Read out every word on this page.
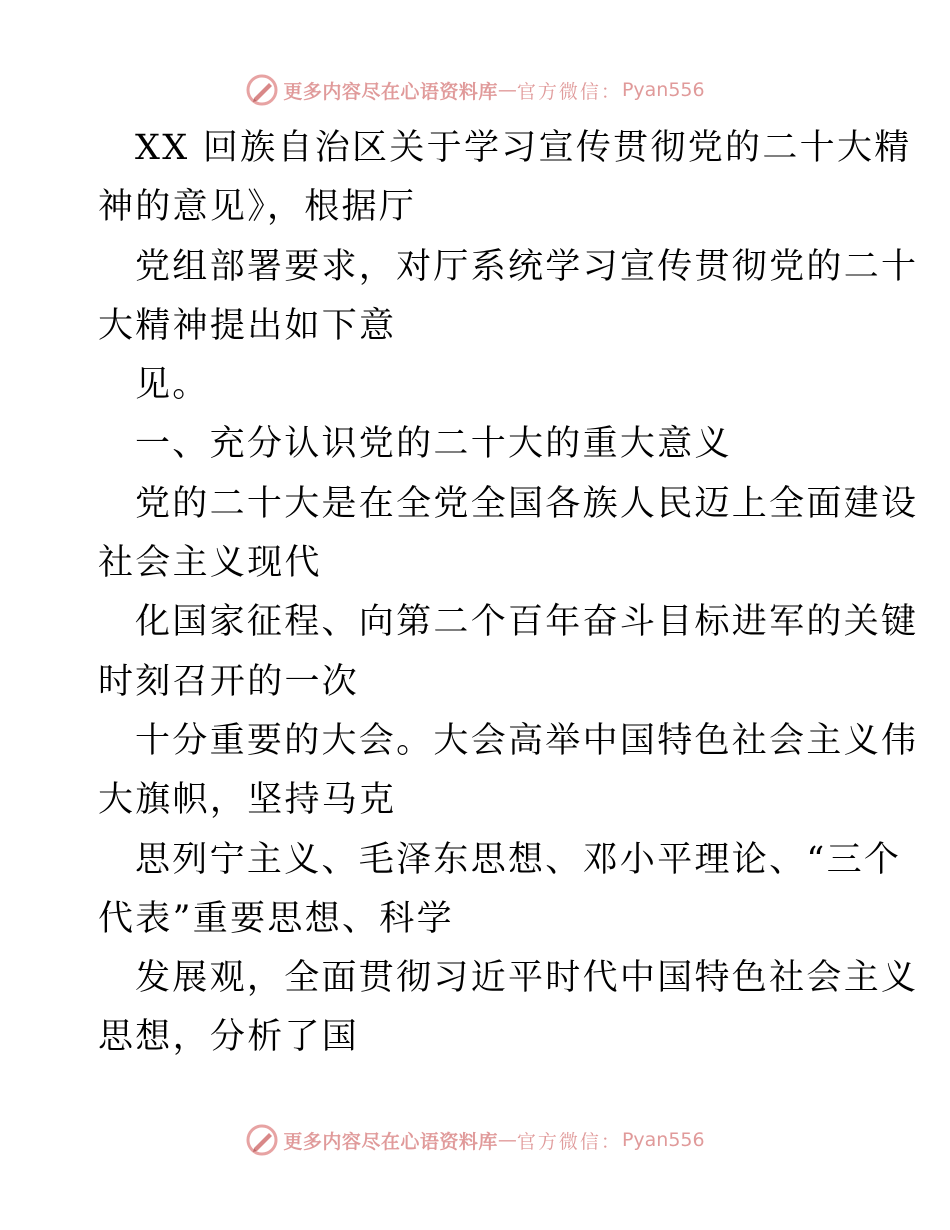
更多内容尽在心语资料库 — 官方微信： Pyan556
XX 回族自治区关于学习宣传贯彻党的二十大精
神的意见》，根据厅
党组部署要求，对厅系统学习宣传贯彻党的二十
大精神提出如下意
见。
一、充分认识党的二十大的重大意义
党的二十大是在全党全国各族人民迈上全面建设
社会主义现代
化国家征程、向第二个百年奋斗目标进军的关键
时刻召开的一次
十分重要的大会。大会高举中国特色社会主义伟
大旗帜，坚持马克
思列宁主义、毛泽东思想、邓小平理论、“三个
代表”重要思想、科学
发展观，全面贯彻习近平时代中国特色社会主义
思想，分析了国
更多内容尽在心语资料库 — 官方微信： Pyan556
